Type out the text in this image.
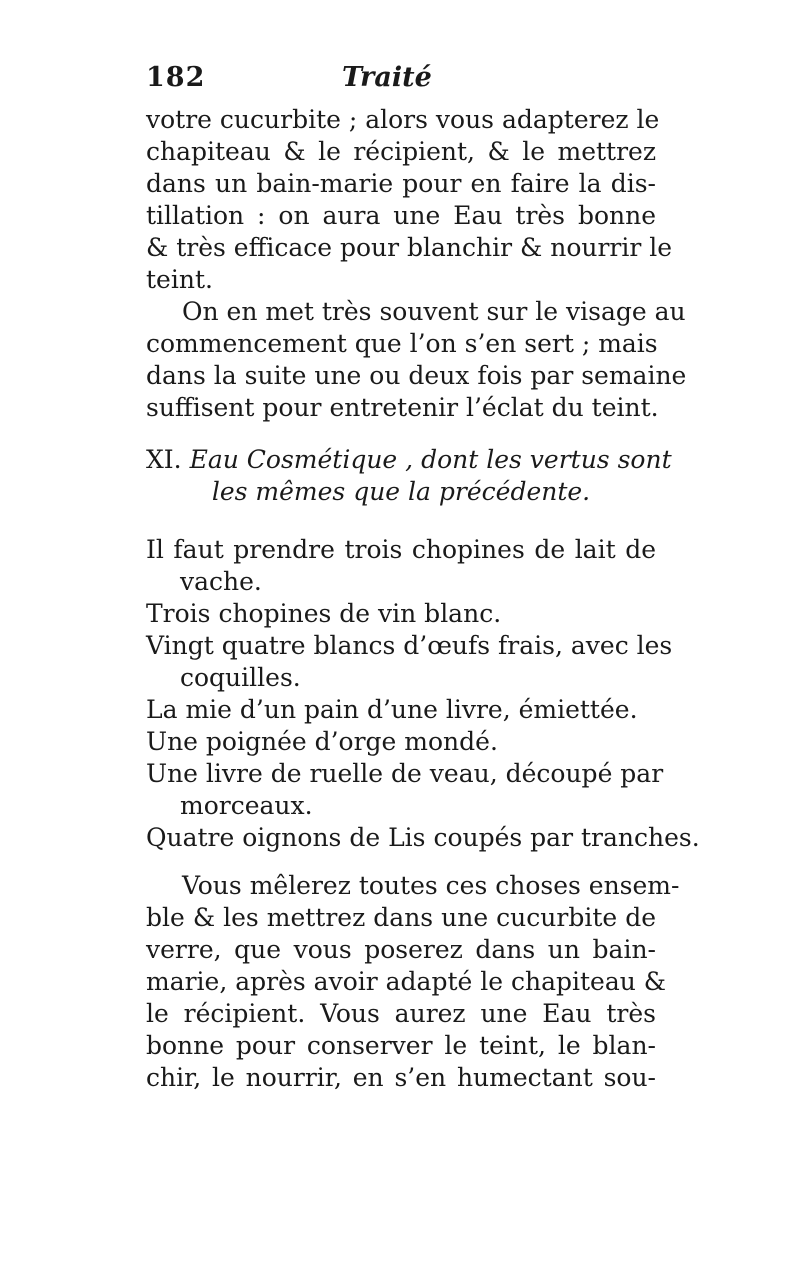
182	Traité
votre cucurbite ; alors vous adapterez le
chapiteau & le récipient, & le mettrez
dans un bain-marie pour en faire la dis-
tillation : on aura une Eau très bonne
& très efficace pour blanchir & nourrir le
teint.
On en met très souvent sur le visage au
commencement que l’on s’en sert ; mais
dans la suite une ou deux fois par semaine
suffisent pour entretenir l’éclat du teint.
XI. Eau Cosmétique , dont les vertus sont
les mêmes que la précédente.
Il faut prendre trois chopines de lait de
vache.
Trois chopines de vin blanc.
Vingt quatre blancs d’œufs frais, avec les
coquilles.
La mie d’un pain d’une livre, émiettée.
Une poignée d’orge mondé.
Une livre de ruelle de veau, découpé par
morceaux.
Quatre oignons de Lis coupés par tranches.
Vous mêlerez toutes ces choses ensem-
ble & les mettrez dans une cucurbite de
verre, que vous poserez dans un bain-
marie, après avoir adapté le chapiteau &
le récipient. Vous aurez une Eau très
bonne pour conserver le teint, le blan-
chir, le nourrir, en s’en humectant sou-
